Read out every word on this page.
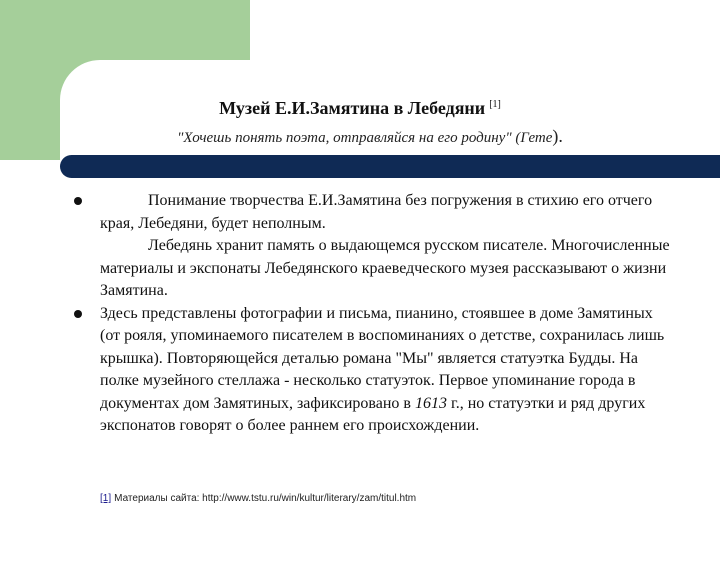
Музей Е.И.Замятина в Лебедяни [1]
"Хочешь понять поэта, отправляйся на его родину" (Гете).
Понимание творчества Е.И.Замятина без погружения в стихию его отчего края, Лебедяни, будет неполным.
Лебедянь хранит память о выдающемся русском писателе. Многочисленные материалы и экспонаты Лебедянского краеведческого музея рассказывают о жизни Замятина.
Здесь представлены фотографии и письма, пианино, стоявшее в доме Замятиных (от рояля, упоминаемого писателем в воспоминаниях о детстве, сохранилась лишь крышка). Повторяющейся деталью романа "Мы" является статуэтка Будды. На полке музейного стеллажа - несколько статуэток. Первое упоминание города в документах дом Замятиных, зафиксировано в 1613 г., но статуэтки и ряд других экспонатов говорят о более раннем его происхождении.
[1] Материалы сайта: http://www.tstu.ru/win/kultur/literary/zam/titul.htm
